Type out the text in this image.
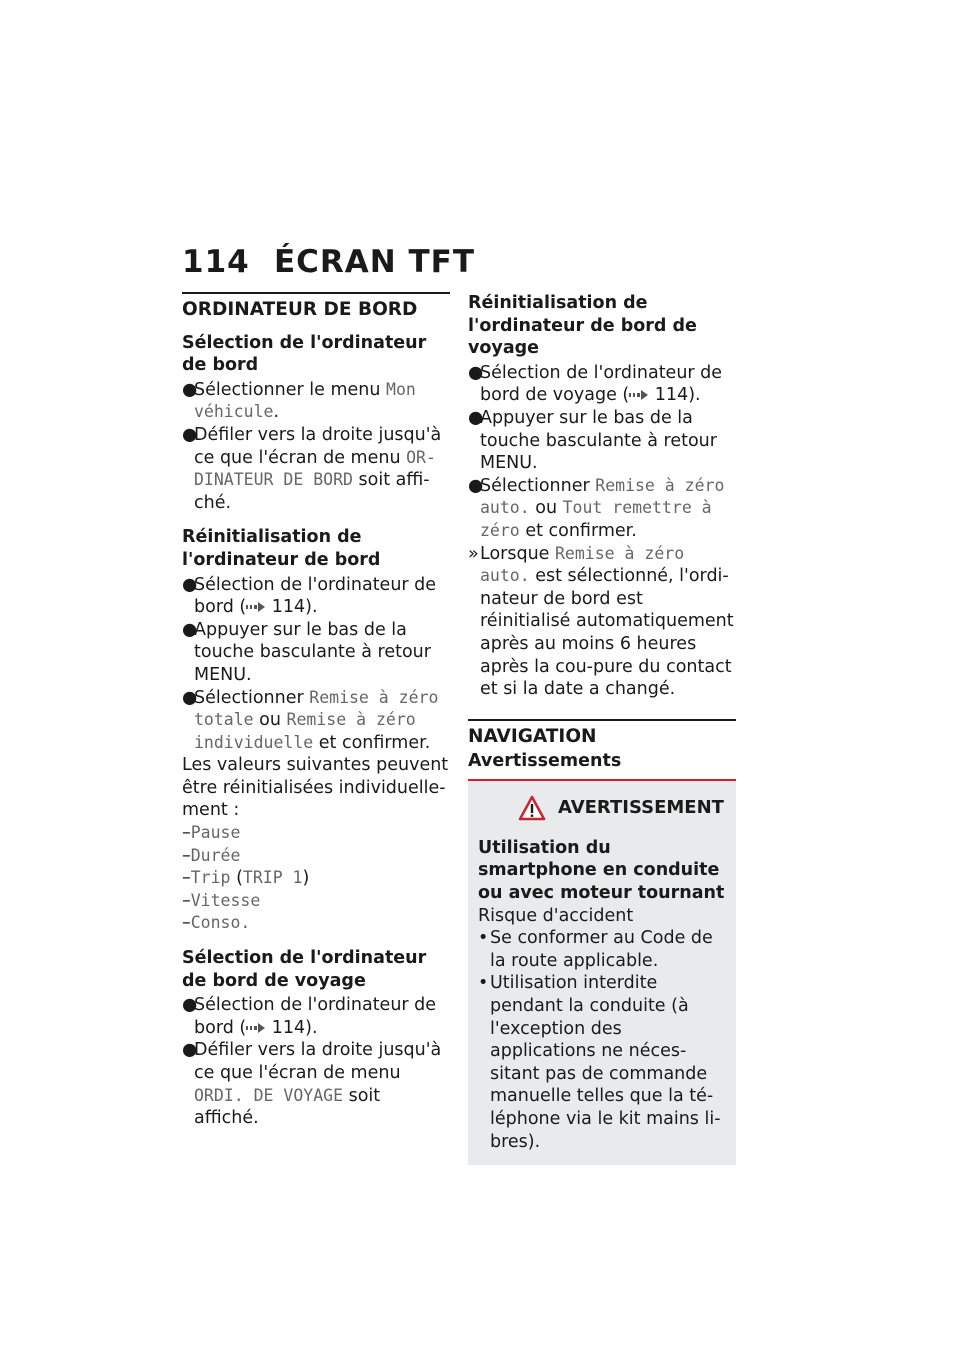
114 ÉCRAN TFT
ORDINATEUR DE BORD

Sélection de l'ordinateur de bord

●
Sélectionner le menu Mon véhicule.

●
Défiler vers la droite jusqu'à ce que l'écran de menu OR-DINATEUR DE BORD soit affi-ché.

Réinitialisation de l'ordinateur de bord

●
Sélection de l'ordinateur de bord ( 114).

●
Appuyer sur le bas de la touche basculante à retour MENU.

●
Sélectionner Remise à zéro totale ou Remise à zéro individuelle et confirmer.

Les valeurs suivantes peuvent être réinitialisées individuelle-ment :

–Pause

–Durée

–Trip (TRIP 1)

–Vitesse

–Conso.

Sélection de l'ordinateur de bord de voyage

●
Sélection de l'ordinateur de bord ( 114).

●
Défiler vers la droite jusqu'à ce que l'écran de menu ORDI. DE VOYAGE soit affiché.

Réinitialisation de l'ordinateur de bord de voyage

●
Sélection de l'ordinateur de bord de voyage ( 114).

●
Appuyer sur le bas de la touche basculante à retour MENU.

●
Sélectionner Remise à zéro auto. ou Tout remettre à zéro et confirmer.

» Lorsque Remise à zéro auto. est sélectionné, l'ordi-nateur de bord est réinitialisé automatiquement après au moins 6 heures après la cou-pure du contact et si la date a changé.

NAVIGATION

Avertissements

AVERTISSEMENT

Utilisation du smartphone en conduite ou avec moteur tournant

Risque d'accident

• Se conformer au Code de la route applicable.

• Utilisation interdite pendant la conduite (à l'exception des applications ne néces-sitant pas de commande manuelle telles que la té-léphone via le kit mains li-bres).
